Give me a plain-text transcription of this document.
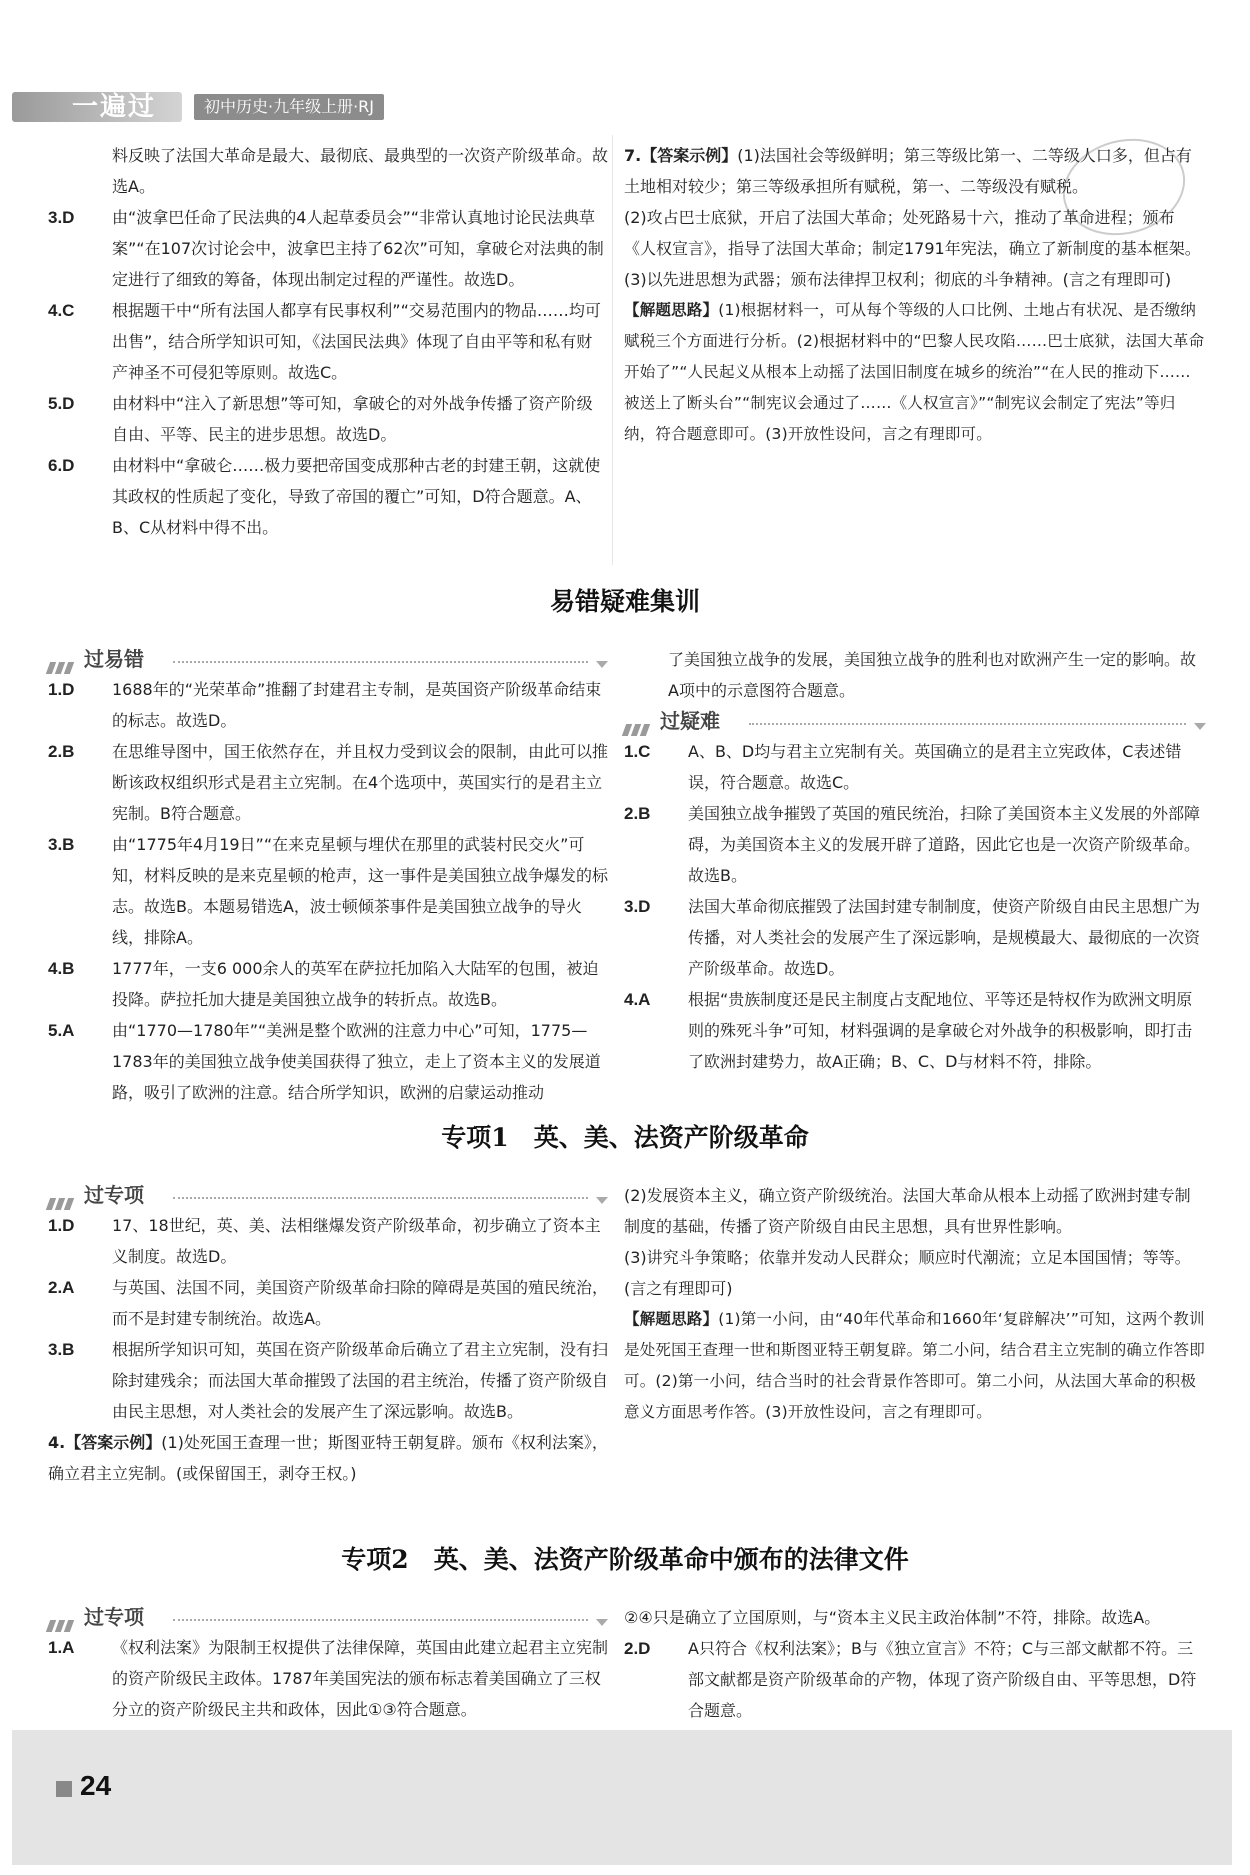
一遍过	初中历史·九年级上册·RJ
料反映了法国大革命是最大、最彻底、最典型的一次资产阶级革命。故选A。
3.D 由“波拿巴任命了民法典的4人起草委员会”“非常认真地讨论民法典草案”“在107次讨论会中，波拿巴主持了62次”可知，拿破仑对法典的制定进行了细致的筹备，体现出制定过程的严谨性。故选D。
4.C 根据题干中“所有法国人都享有民事权利”“交易范围内的物品……均可出售”，结合所学知识可知，《法国民法典》体现了自由平等和私有财产神圣不可侵犯等原则。故选C。
5.D 由材料中“注入了新思想”等可知，拿破仑的对外战争传播了资产阶级自由、平等、民主的进步思想。故选D。
6.D 由材料中“拿破仑……极力要把帝国变成那种古老的封建王朝，这就使其政权的性质起了变化，导致了帝国的覆亡”可知，D符合题意。A、B、C从材料中得不出。
7.【答案示例】(1)法国社会等级鲜明；第三等级比第一、二等级人口多，但占有土地相对较少；第三等级承担所有赋税，第一、二等级没有赋税。
(2)攻占巴士底狱，开启了法国大革命；处死路易十六，推动了革命进程；颁布《人权宣言》，指导了法国大革命；制定1791年宪法，确立了新制度的基本框架。
(3)以先进思想为武器；颁布法律捍卫权利；彻底的斗争精神。(言之有理即可)
【解题思路】(1)根据材料一，可从每个等级的人口比例、土地占有状况、是否缴纳赋税三个方面进行分析。(2)根据材料中的“巴黎人民攻陷……巴士底狱，法国大革命开始了”“人民起义从根本上动摇了法国旧制度在城乡的统治”“在人民的推动下……被送上了断头台”“制宪议会通过了……《人权宣言》”“制宪议会制定了宪法”等归纳，符合题意即可。(3)开放性设问，言之有理即可。
易错疑难集训
过易错
1.D 1688年的“光荣革命”推翻了封建君主专制，是英国资产阶级革命结束的标志。故选D。
2.B 在思维导图中，国王依然存在，并且权力受到议会的限制，由此可以推断该政权组织形式是君主立宪制。在4个选项中，英国实行的是君主立宪制。B符合题意。
3.B 由“1775年4月19日”“在来克星顿与埋伏在那里的武装村民交火”可知，材料反映的是来克星顿的枪声，这一事件是美国独立战争爆发的标志。故选B。本题易错选A，波士顿倾茶事件是美国独立战争的导火线，排除A。
4.B 1777年，一支6 000余人的英军在萨拉托加陷入大陆军的包围，被迫投降。萨拉托加大捷是美国独立战争的转折点。故选B。
5.A 由“1770—1780年”“美洲是整个欧洲的注意力中心”可知，1775—1783年的美国独立战争使美国获得了独立，走上了资本主义的发展道路，吸引了欧洲的注意。结合所学知识，欧洲的启蒙运动推动
了美国独立战争的发展，美国独立战争的胜利也对欧洲产生一定的影响。故A项中的示意图符合题意。
过疑难
1.C A、B、D均与君主立宪制有关。英国确立的是君主立宪政体，C表述错误，符合题意。故选C。
2.B 美国独立战争摧毁了英国的殖民统治，扫除了美国资本主义发展的外部障碍，为美国资本主义的发展开辟了道路，因此它也是一次资产阶级革命。故选B。
3.D 法国大革命彻底摧毁了法国封建专制制度，使资产阶级自由民主思想广为传播，对人类社会的发展产生了深远影响，是规模最大、最彻底的一次资产阶级革命。故选D。
4.A 根据“贵族制度还是民主制度占支配地位、平等还是特权作为欧洲文明原则的殊死斗争”可知，材料强调的是拿破仑对外战争的积极影响，即打击了欧洲封建势力，故A正确；B、C、D与材料不符，排除。
专项1　英、美、法资产阶级革命
过专项
1.D 17、18世纪，英、美、法相继爆发资产阶级革命，初步确立了资本主义制度。故选D。
2.A 与英国、法国不同，美国资产阶级革命扫除的障碍是英国的殖民统治，而不是封建专制统治。故选A。
3.B 根据所学知识可知，英国在资产阶级革命后确立了君主立宪制，没有扫除封建残余；而法国大革命摧毁了法国的君主统治，传播了资产阶级自由民主思想，对人类社会的发展产生了深远影响。故选B。
4.【答案示例】(1)处死国王查理一世；斯图亚特王朝复辟。颁布《权利法案》，确立君主立宪制。(或保留国王，剥夺王权。)
(2)发展资本主义，确立资产阶级统治。法国大革命从根本上动摇了欧洲封建专制制度的基础，传播了资产阶级自由民主思想，具有世界性影响。
(3)讲究斗争策略；依靠并发动人民群众；顺应时代潮流；立足本国国情；等等。(言之有理即可)
【解题思路】(1)第一小问，由“40年代革命和1660年‘复辟解决’”可知，这两个教训是处死国王查理一世和斯图亚特王朝复辟。第二小问，结合君主立宪制的确立作答即可。(2)第一小问，结合当时的社会背景作答即可。第二小问，从法国大革命的积极意义方面思考作答。(3)开放性设问，言之有理即可。
专项2　英、美、法资产阶级革命中颁布的法律文件
过专项
1.A 《权利法案》为限制王权提供了法律保障，英国由此建立起君主立宪制的资产阶级民主政体。1787年美国宪法的颁布标志着美国确立了三权分立的资产阶级民主共和政体，因此①③符合题意。
②④只是确立了立国原则，与“资本主义民主政治体制”不符，排除。故选A。
2.D A只符合《权利法案》；B与《独立宣言》不符；C与三部文献都不符。三部文献都是资产阶级革命的产物，体现了资产阶级自由、平等思想，D符合题意。
24
